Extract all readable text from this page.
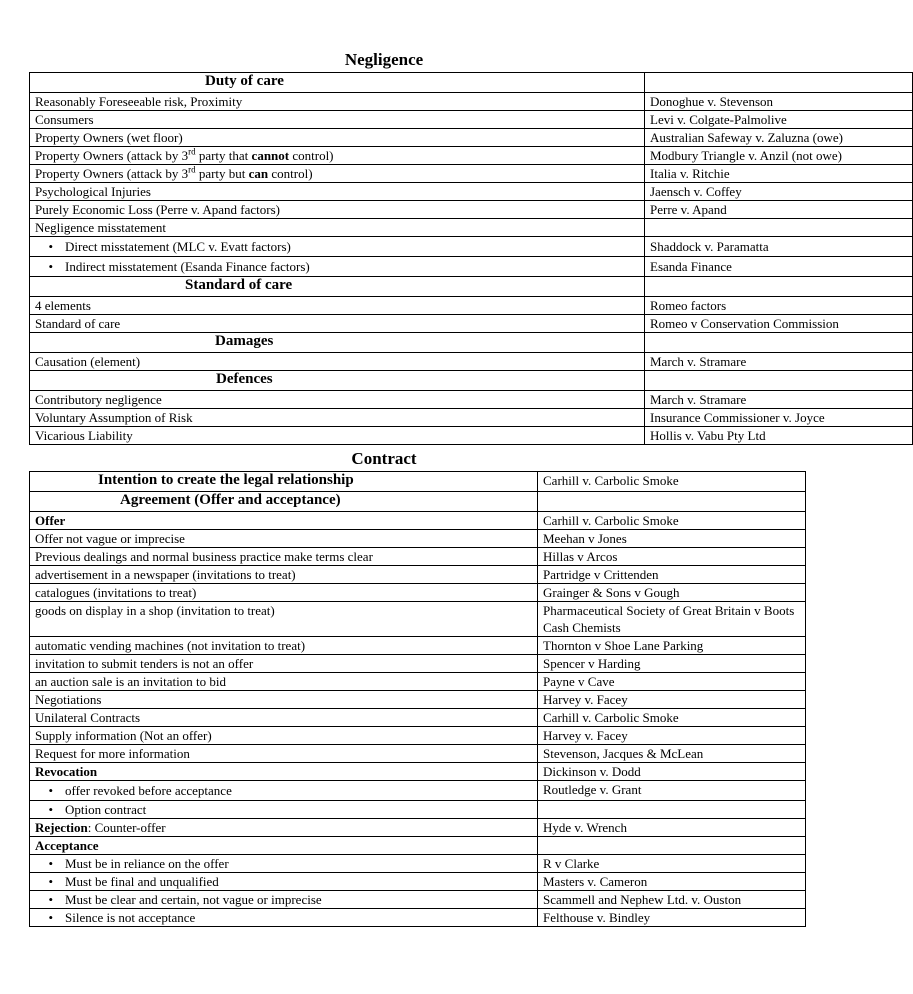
Negligence
Duty of care	
Reasonably Foreseeable risk, Proximity	Donoghue v. Stevenson
Consumers	Levi v. Colgate-Palmolive
Property Owners (wet floor)	Australian Safeway v. Zaluzna (owe)
Property Owners (attack by 3rd party that cannot control)	Modbury Triangle v. Anzil (not owe)
Property Owners (attack by 3rd party but can control)	Italia v. Ritchie
Psychological Injuries	Jaensch v. Coffey
Purely Economic Loss (Perre v. Apand factors)	Perre v. Apand
Negligence misstatement	
• Direct misstatement (MLC v. Evatt factors)	Shaddock v. Paramatta
• Indirect misstatement (Esanda Finance factors)	Esanda Finance
Standard of care	
4 elements	Romeo factors
Standard of care	Romeo v Conservation Commission
Damages	
Causation (element)	March v. Stramare
Defences	
Contributory negligence	March v. Stramare
Voluntary Assumption of Risk	Insurance Commissioner v. Joyce
Vicarious Liability	Hollis v. Vabu Pty Ltd
Contract
Intention to create the legal relationship	Carhill v. Carbolic Smoke
Agreement (Offer and acceptance)	
Offer	Carhill v. Carbolic Smoke
Offer not vague or imprecise	Meehan v Jones
Previous dealings and normal business practice make terms clear	Hillas v Arcos
advertisement in a newspaper (invitations to treat)	Partridge v Crittenden
catalogues (invitations to treat)	Grainger & Sons v Gough
goods on display in a shop (invitation to treat)	Pharmaceutical Society of Great Britain v Boots Cash Chemists
automatic vending machines (not invitation to treat)	Thornton v Shoe Lane Parking
invitation to submit tenders is not an offer	Spencer v Harding
an auction sale is an invitation to bid	Payne v Cave
Negotiations	Harvey v. Facey
Unilateral Contracts	Carhill v. Carbolic Smoke
Supply information (Not an offer)	Harvey v. Facey
Request for more information	Stevenson, Jacques & McLean
Revocation	Dickinson v. Dodd
• offer revoked before acceptance	Routledge v. Grant
• Option contract	
Rejection: Counter-offer	Hyde v. Wrench
Acceptance	
• Must be in reliance on the offer	R v Clarke
• Must be final and unqualified	Masters v. Cameron
• Must be clear and certain, not vague or imprecise	Scammell and Nephew Ltd. v. Ouston
• Silence is not acceptance	Felthouse v. Bindley
